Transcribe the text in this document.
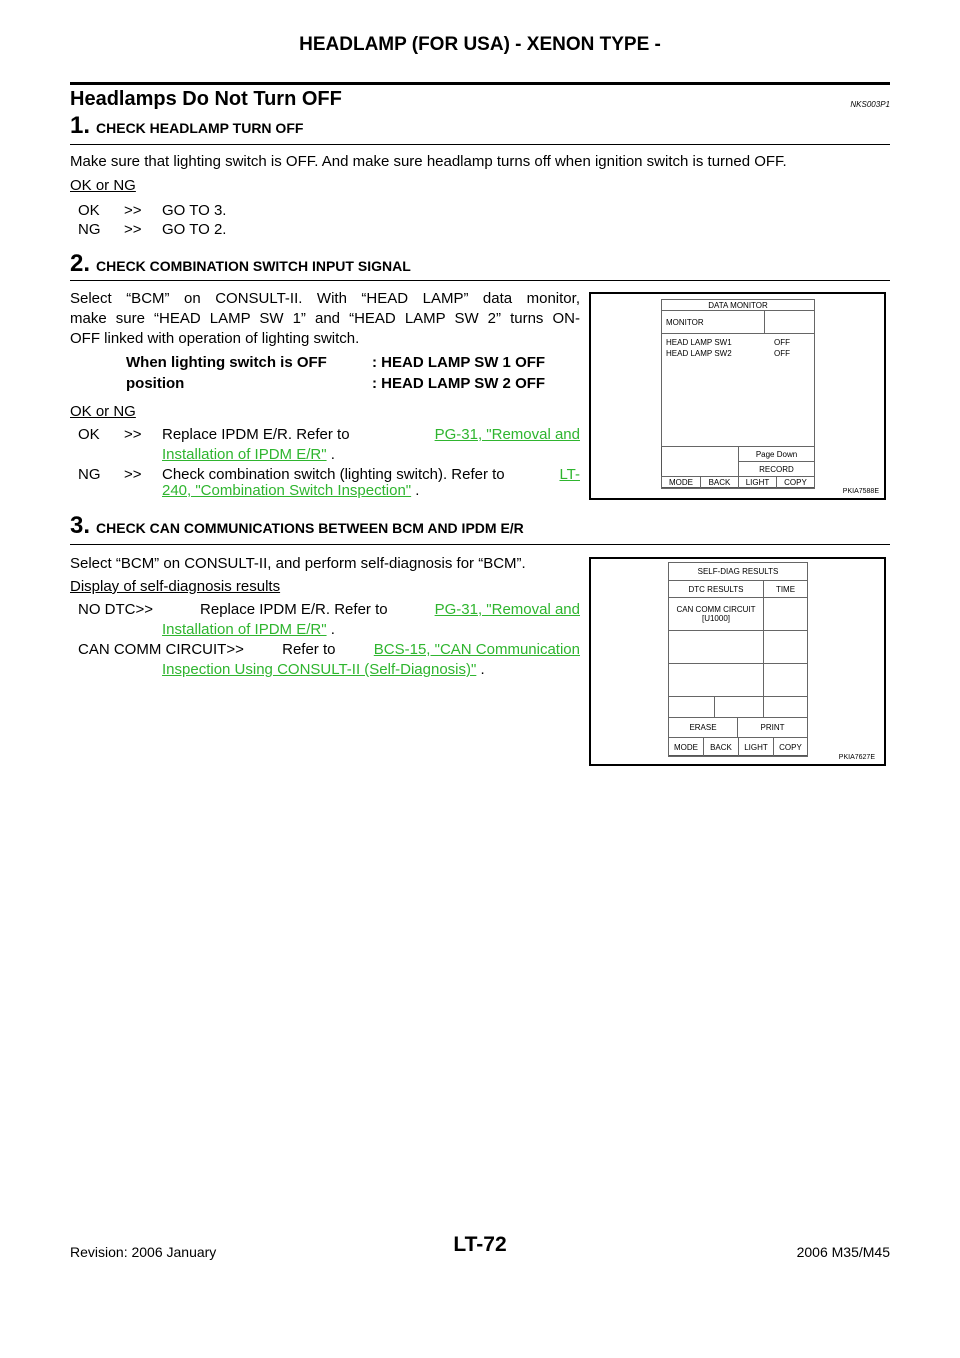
HEADLAMP (FOR USA) - XENON TYPE -
Headlamps Do Not Turn OFF	NKS003P1
1. CHECK HEADLAMP TURN OFF
Make sure that lighting switch is OFF. And make sure headlamp turns off when ignition switch is turned OFF.
OK or NG
OK >> GO TO 3.
NG >> GO TO 2.
2. CHECK COMBINATION SWITCH INPUT SIGNAL
Select “BCM” on CONSULT-II. With “HEAD LAMP” data monitor,
make sure “HEAD LAMP SW 1” and “HEAD LAMP SW 2” turns ON-
OFF linked with operation of lighting switch.
When lighting switch is OFF
position
: HEAD LAMP SW 1 OFF
: HEAD LAMP SW 2 OFF
OK or NG
OK >> Replace IPDM E/R. Refer to	PG-31, "Removal and
Installation of IPDM E/R" .
NG >> Check combination switch (lighting switch). Refer to	LT-
240, "Combination Switch Inspection" .
DATA MONITOR
MONITOR
HEAD LAMP SW1	OFF
HEAD LAMP SW2	OFF
Page Down
RECORD
MODE	BACK	LIGHT	COPY
PKIA7588E
3. CHECK CAN COMMUNICATIONS BETWEEN BCM AND IPDM E/R
Select “BCM” on CONSULT-II, and perform self-diagnosis for “BCM”.
Display of self-diagnosis results
NO DTC>>	Replace IPDM E/R. Refer to	PG-31, "Removal and
Installation of IPDM E/R" .
CAN COMM CIRCUIT>>	Refer to	BCS-15, "CAN Communication
Inspection Using CONSULT-II (Self-Diagnosis)" .
SELF-DIAG RESULTS
DTC RESULTS	TIME
CAN COMM CIRCUIT
[U1000]
ERASE	PRINT
MODE	BACK	LIGHT	COPY
PKIA7627E
Revision: 2006 January	LT-72	2006 M35/M45
